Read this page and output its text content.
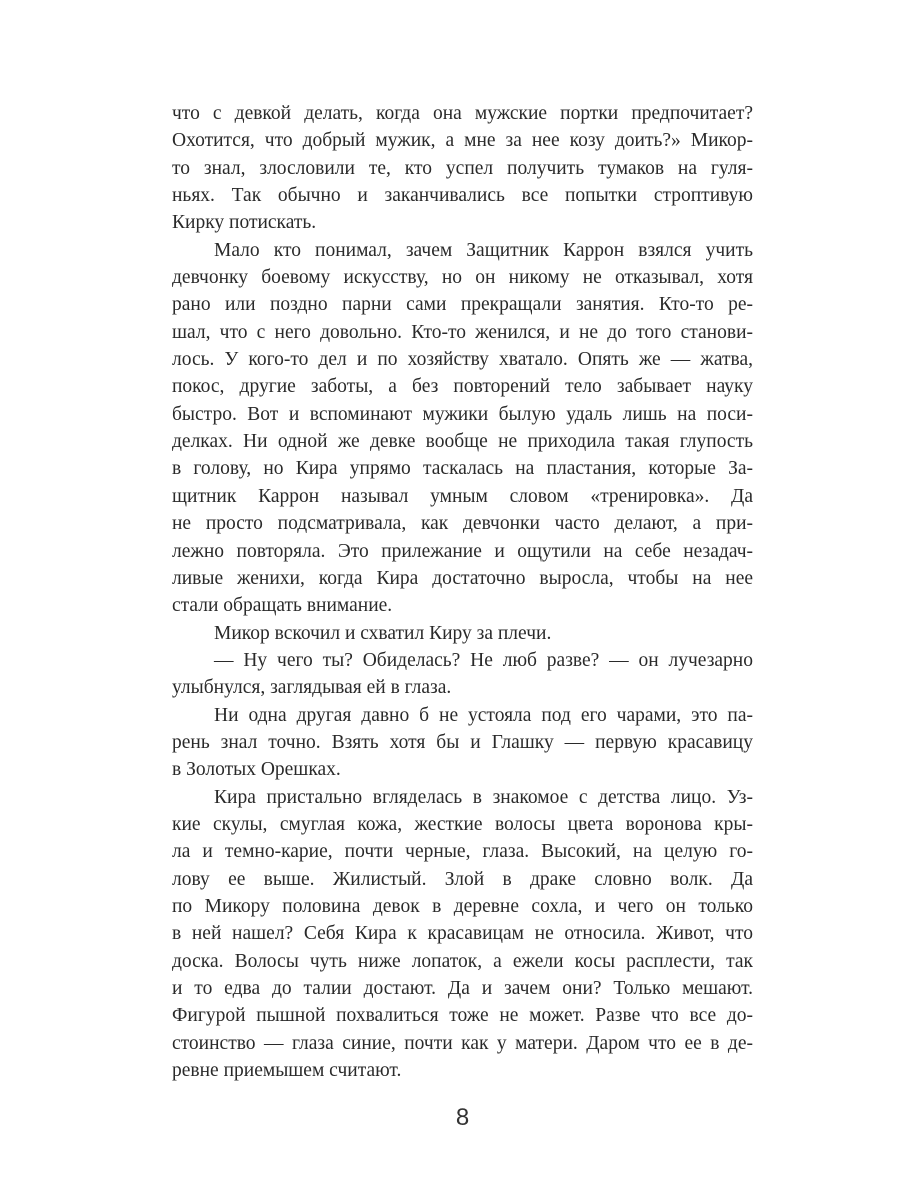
что с девкой делать, когда она мужские портки предпочитает?
Охотится, что добрый мужик, а мне за нее козу доить?» Микор-
то знал, злословили те, кто успел получить тумаков на гуля-
ньях. Так обычно и заканчивались все попытки строптивую
Кирку потискать.
Мало кто понимал, зачем Защитник Каррон взялся учить
девчонку боевому искусству, но он никому не отказывал, хотя
рано или поздно парни сами прекращали занятия. Кто-то ре-
шал, что с него довольно. Кто-то женился, и не до того станови-
лось. У кого-то дел и по хозяйству хватало. Опять же — жатва,
покос, другие заботы, а без повторений тело забывает науку
быстро. Вот и вспоминают мужики былую удаль лишь на поси-
делках. Ни одной же девке вообще не приходила такая глупость
в голову, но Кира упрямо таскалась на пластания, которые За-
щитник Каррон называл умным словом «тренировка». Да
не просто подсматривала, как девчонки часто делают, а при-
лежно повторяла. Это прилежание и ощутили на себе незадач-
ливые женихи, когда Кира достаточно выросла, чтобы на нее
стали обращать внимание.
Микор вскочил и схватил Киру за плечи.
— Ну чего ты? Обиделась? Не люб разве? — он лучезарно
улыбнулся, заглядывая ей в глаза.
Ни одна другая давно б не устояла под его чарами, это па-
рень знал точно. Взять хотя бы и Глашку — первую красавицу
в Золотых Орешках.
Кира пристально вгляделась в знакомое с детства лицо. Уз-
кие скулы, смуглая кожа, жесткие волосы цвета воронова кры-
ла и темно-карие, почти черные, глаза. Высокий, на целую го-
лову ее выше. Жилистый. Злой в драке словно волк. Да
по Микору половина девок в деревне сохла, и чего он только
в ней нашел? Себя Кира к красавицам не относила. Живот, что
доска. Волосы чуть ниже лопаток, а ежели косы расплести, так
и то едва до талии достают. Да и зачем они? Только мешают.
Фигурой пышной похвалиться тоже не может. Разве что все до-
стоинство — глаза синие, почти как у матери. Даром что ее в де-
ревне приемышем считают.
8
